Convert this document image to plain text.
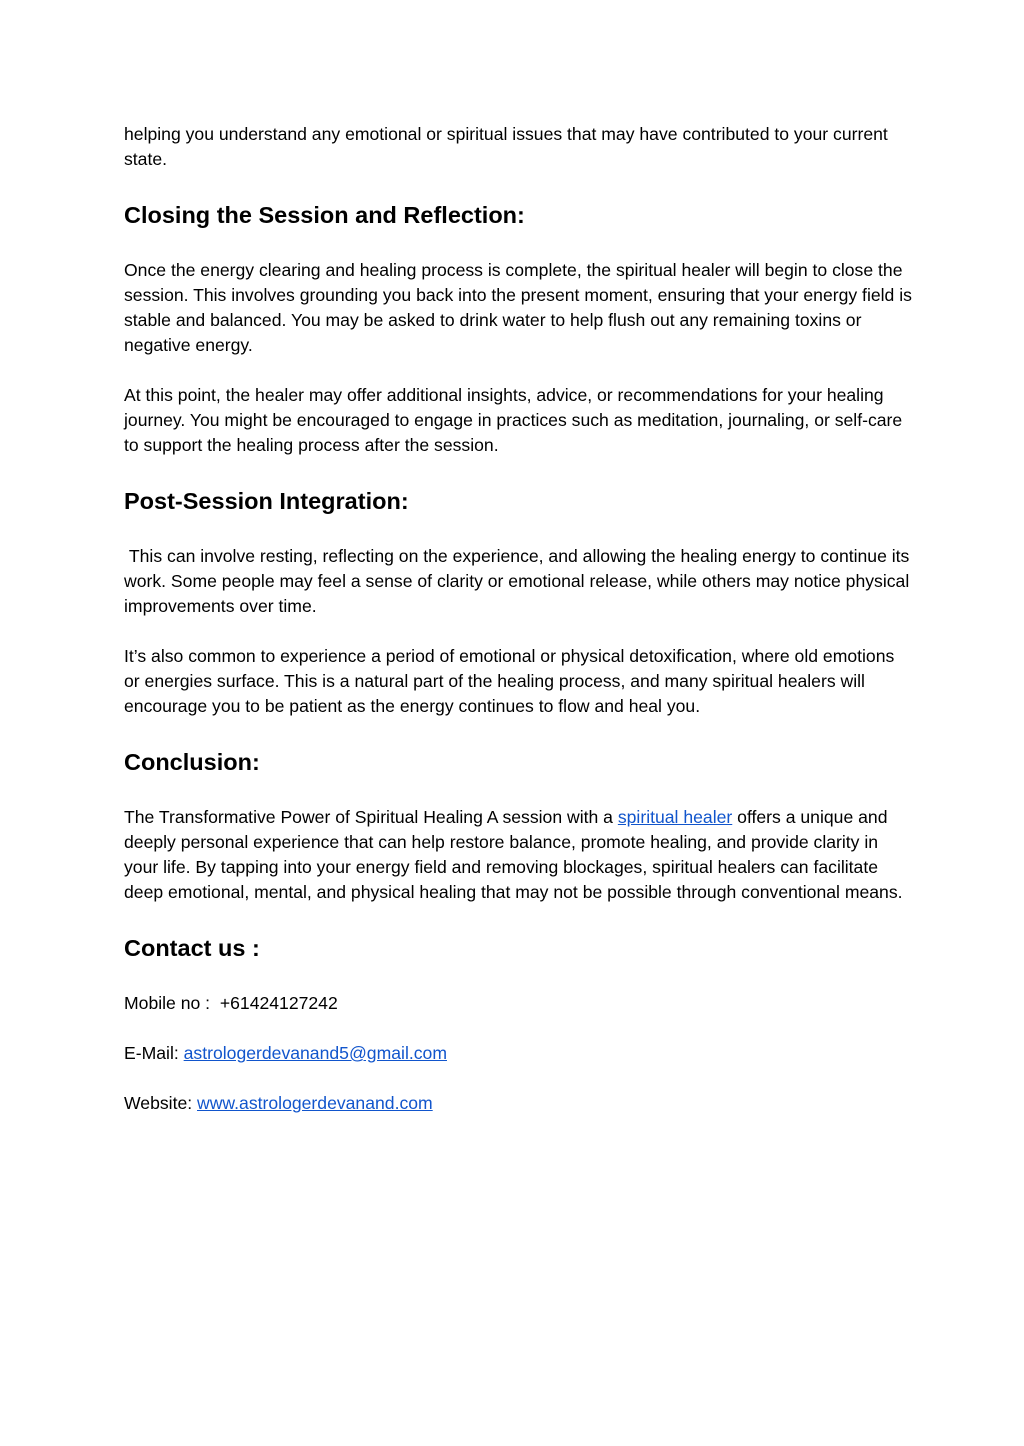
helping you understand any emotional or spiritual issues that may have contributed to your current state.

Closing the Session and Reflection:

Once the energy clearing and healing process is complete, the spiritual healer will begin to close the session. This involves grounding you back into the present moment, ensuring that your energy field is stable and balanced. You may be asked to drink water to help flush out any remaining toxins or negative energy.

At this point, the healer may offer additional insights, advice, or recommendations for your healing journey. You might be encouraged to engage in practices such as meditation, journaling, or self-care to support the healing process after the session.

Post-Session Integration:

This can involve resting, reflecting on the experience, and allowing the healing energy to continue its work. Some people may feel a sense of clarity or emotional release, while others may notice physical improvements over time.

It’s also common to experience a period of emotional or physical detoxification, where old emotions or energies surface. This is a natural part of the healing process, and many spiritual healers will encourage you to be patient as the energy continues to flow and heal you.

Conclusion:

The Transformative Power of Spiritual Healing A session with a spiritual healer offers a unique and deeply personal experience that can help restore balance, promote healing, and provide clarity in your life. By tapping into your energy field and removing blockages, spiritual healers can facilitate deep emotional, mental, and physical healing that may not be possible through conventional means.

Contact us :

Mobile no :  +61424127242

E-Mail: astrologerdevanand5@gmail.com

Website: www.astrologerdevanand.com
